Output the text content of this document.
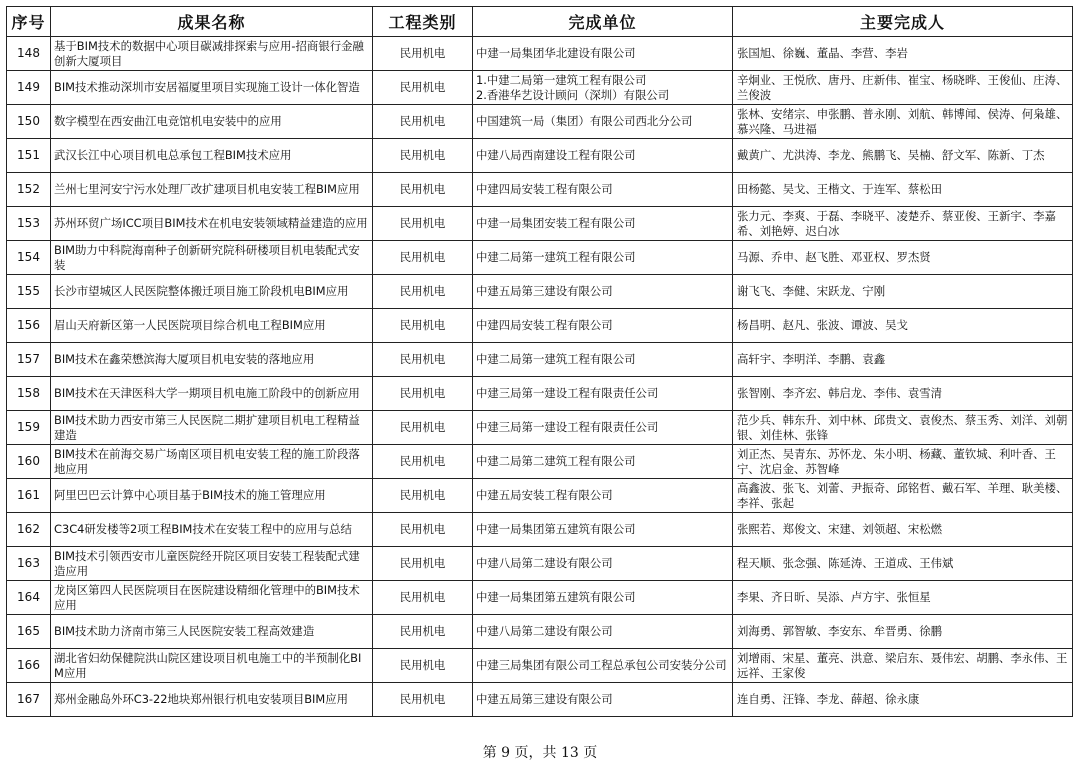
序号	成果名称	工程类别	完成单位	主要完成人

148	基于BIM技术的数据中心项目碳减排探索与应用-招商银行金融创新大厦项目	民用机电	中建一局集团华北建设有限公司	张国旭、徐巍、董晶、李营、李岩

149	BIM技术推动深圳市安居福厦里项目实现施工设计一体化智造	民用机电	1.中建二局第一建筑工程有限公司
2.香港华艺设计顾问（深圳）有限公司	辛炯业、王悦欣、唐丹、庄新伟、崔宝、杨晓晔、王俊仙、庄涛、兰俊波

150	数字模型在西安曲江电竞馆机电安装中的应用	民用机电	中国建筑一局（集团）有限公司西北分公司	张林、安绪宗、申张鹏、普永刚、刘航、韩博闻、侯涛、何枭雄、慕兴隆、马进福

151	武汉长江中心项目机电总承包工程BIM技术应用	民用机电	中建八局西南建设工程有限公司	戴黄广、尤洪涛、李龙、熊鹏飞、吴楠、舒文军、陈新、丁杰

152	兰州七里河安宁污水处理厂改扩建项目机电安装工程BIM应用	民用机电	中建四局安装工程有限公司	田杨懿、吴戈、王楷文、于连军、蔡松田

153	苏州环贸广场ICC项目BIM技术在机电安装领域精益建造的应用	民用机电	中建一局集团安装工程有限公司	张力元、李爽、于磊、李晓平、凌楚乔、蔡亚俊、王新宇、李嘉希、刘艳婷、迟白冰

154	BIM助力中科院海南种子创新研究院科研楼项目机电装配式安装	民用机电	中建二局第一建筑工程有限公司	马源、乔申、赵飞胜、邓亚权、罗杰贤

155	长沙市望城区人民医院整体搬迁项目施工阶段机电BIM应用	民用机电	中建五局第三建设有限公司	谢飞飞、李健、宋跃龙、宁刚

156	眉山天府新区第一人民医院项目综合机电工程BIM应用	民用机电	中建四局安装工程有限公司	杨昌明、赵凡、张波、谭波、吴戈

157	BIM技术在鑫荣懋滨海大厦项目机电安装的落地应用	民用机电	中建二局第一建筑工程有限公司	高轩宇、李明洋、李鹏、袁鑫

158	BIM技术在天津医科大学一期项目机电施工阶段中的创新应用	民用机电	中建三局第一建设工程有限责任公司	张智刚、李齐宏、韩启龙、李伟、袁雪清

159	BIM技术助力西安市第三人民医院二期扩建项目机电工程精益建造	民用机电	中建三局第一建设工程有限责任公司	范少兵、韩东升、刘中林、邱贵文、袁俊杰、蔡玉秀、刘洋、刘朝银、刘佳林、张锋

160	BIM技术在前海交易广场南区项目机电安装工程的施工阶段落地应用	民用机电	中建二局第二建筑工程有限公司	刘正杰、吴青东、苏怀龙、朱小明、杨藏、董钦城、利叶香、王宁、沈启金、苏智峰

161	阿里巴巴云计算中心项目基于BIM技术的施工管理应用	民用机电	中建五局安装工程有限公司	高鑫波、张飞、刘蕾、尹振奇、邱铭哲、戴石军、羊理、耿美楼、李祥、张起

162	C3C4研发楼等2项工程BIM技术在安装工程中的应用与总结	民用机电	中建一局集团第五建筑有限公司	张熙若、郑俊文、宋建、刘领超、宋松燃

163	BIM技术引领西安市儿童医院经开院区项目安装工程装配式建造应用	民用机电	中建八局第二建设有限公司	程天顺、张念强、陈延涛、王道成、王伟斌

164	龙岗区第四人民医院项目在医院建设精细化管理中的BIM技术应用	民用机电	中建一局集团第五建筑有限公司	李果、齐日昕、吴添、卢方宇、张恒星

165	BIM技术助力济南市第三人民医院安装工程高效建造	民用机电	中建八局第二建设有限公司	刘海勇、郭智敏、李安东、牟晋勇、徐鹏

166	湖北省妇幼保健院洪山院区建设项目机电施工中的半预制化BIM应用	民用机电	中建三局集团有限公司工程总承包公司安装分公司	刘增雨、宋星、董亮、洪意、梁启东、聂伟宏、胡鹏、李永伟、王远祥、王家俊

167	郑州金融岛外环C3-22地块郑州银行机电安装项目BIM应用	民用机电	中建五局第三建设有限公司	连自勇、汪锋、李龙、薛超、徐永康
第 9 页，共 13 页
